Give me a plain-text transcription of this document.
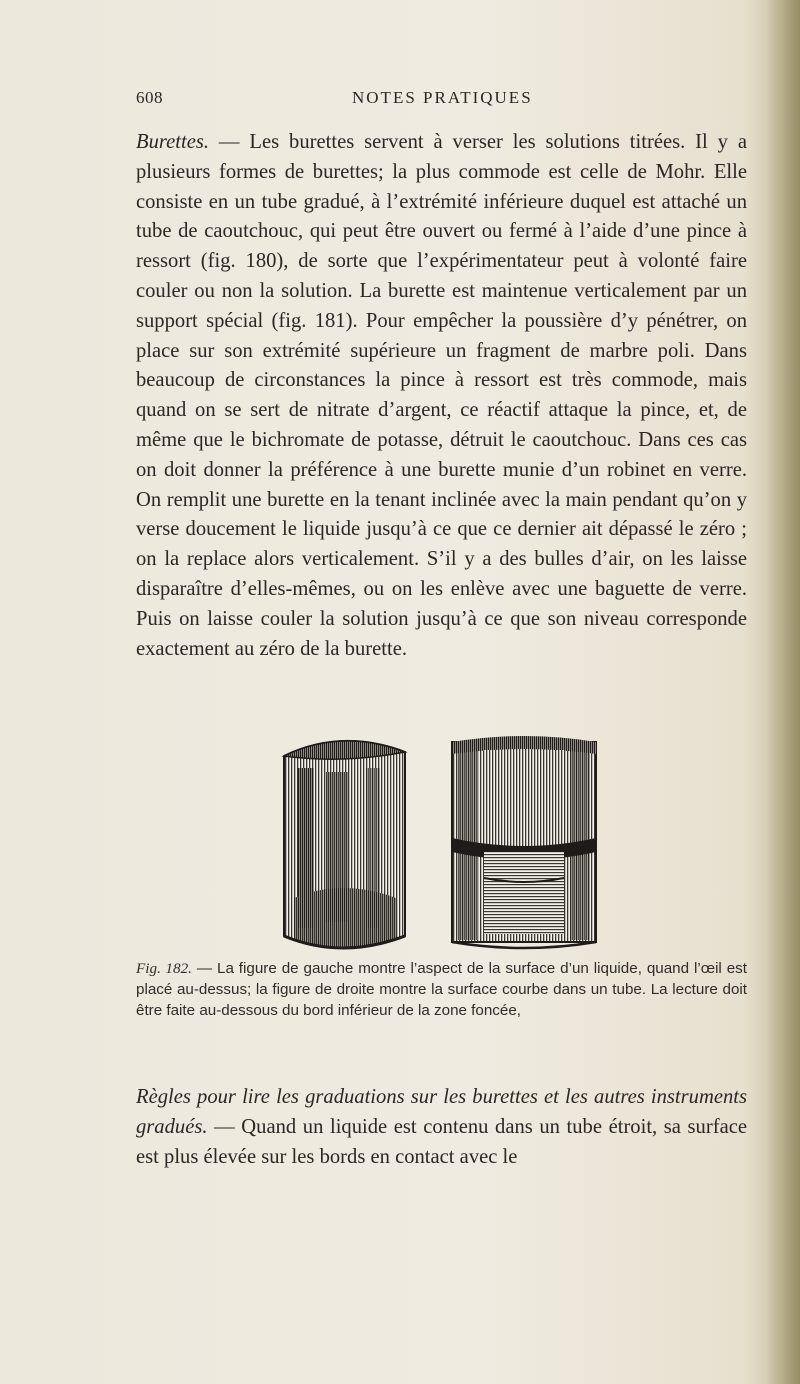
608	NOTES PRATIQUES
Burettes. — Les burettes servent à verser les solutions titrées. Il y a plusieurs formes de burettes; la plus commode est celle de Mohr. Elle consiste en un tube gradué, à l’extrémité inférieure duquel est attaché un tube de caoutchouc, qui peut être ouvert ou fermé à l’aide d’une pince à ressort (fig. 180), de sorte que l’expérimentateur peut à volonté faire couler ou non la solution. La burette est maintenue verticalement par un support spécial (fig. 181). Pour empêcher la poussière d’y pénétrer, on place sur son extrémité supérieure un fragment de marbre poli. Dans beaucoup de circonstances la pince à ressort est très commode, mais quand on se sert de nitrate d’argent, ce réactif attaque la pince, et, de même que le bichromate de potasse, détruit le caoutchouc. Dans ces cas on doit donner la préférence à une burette munie d’un robinet en verre. On remplit une burette en la tenant inclinée avec la main pendant qu’on y verse doucement le liquide jusqu’à ce que ce dernier ait dépassé le zéro ; on la replace alors verticalement. S’il y a des bulles d’air, on les laisse disparaître d’elles-mêmes, ou on les enlève avec une baguette de verre. Puis on laisse couler la solution jusqu’à ce que son niveau corresponde exactement au zéro de la burette.
Fig. 182. — La figure de gauche montre l’aspect de la surface d’un liquide, quand l’œil est placé au-dessus; la figure de droite montre la surface courbe dans un tube. La lecture doit être faite au-dessous du bord inférieur de la zone foncée,
Règles pour lire les graduations sur les burettes et les autres instruments gradués. — Quand un liquide est contenu dans un tube étroit, sa surface est plus élevée sur les bords en contact avec le
